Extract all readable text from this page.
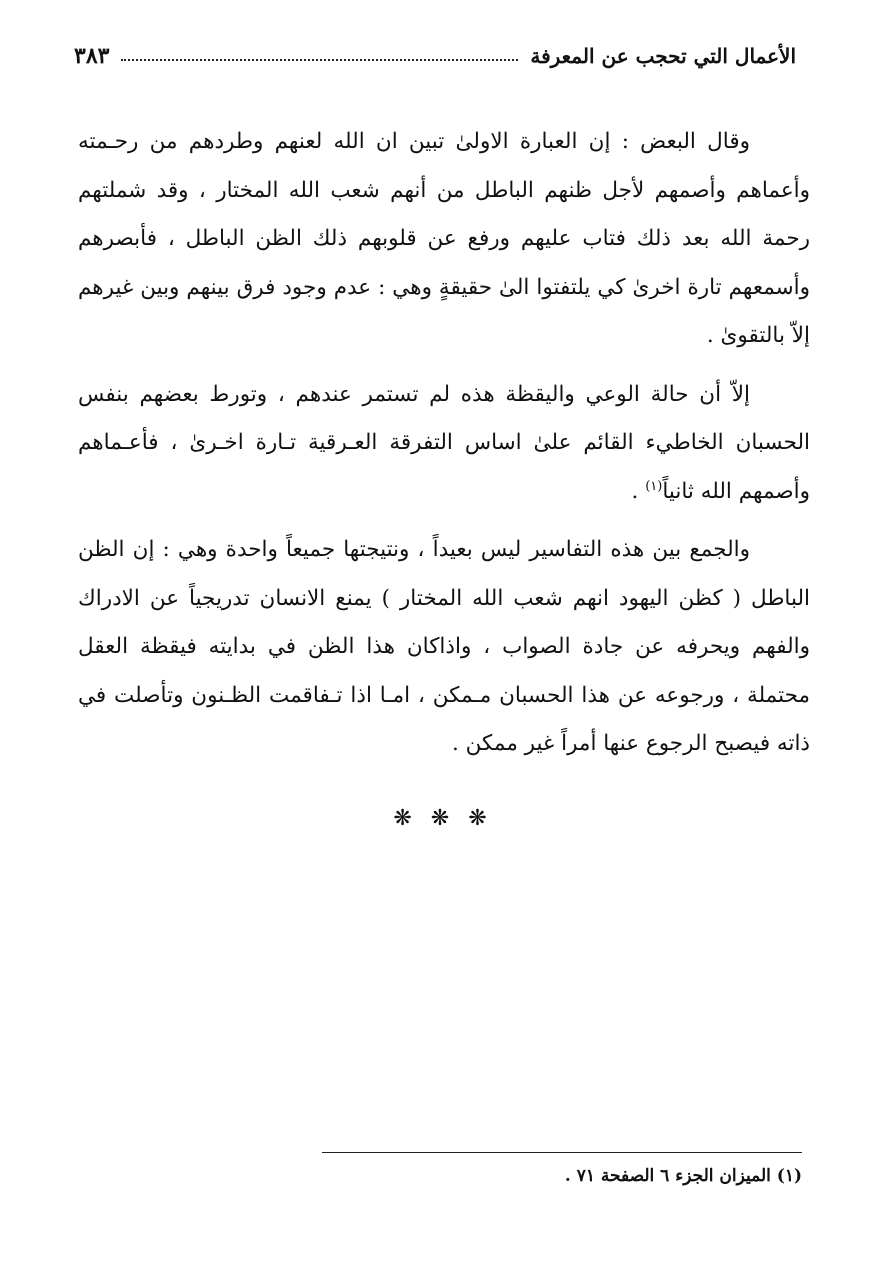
الأعمال التي تحجب عن المعرفة
٣٨٣

وقال البعض : إن العبارة الاولىٰ تبين ان الله لعنهم وطردهم من رحـمته وأعماهم وأصمهم لأجل ظنهم الباطل من أنهم شعب الله المختار ، وقد شملتهم رحمة الله بعد ذلك فتاب عليهم ورفع عن قلوبهم ذلك الظن الباطل ، فأبصرهم وأسمعهم تارة اخرىٰ كي يلتفتوا الىٰ حقيقةٍ وهي : عدم وجود فرق بينهم وبين غيرهم إلاّ بالتقوىٰ .

إلاّ أن حالة الوعي واليقظة هذه لم تستمر عندهم ، وتورط بعضهم بنفس الحسبان الخاطيء القائم علىٰ اساس التفرقة العـرقية تـارة اخـرىٰ ، فأعـماهم وأصمهم الله ثانياً$^{(١)}$ .

والجمع بين هذه التفاسير ليس بعيداً ، ونتيجتها جميعاً واحدة وهي : إن الظن الباطل ( كظن اليهود انهم شعب الله المختار ) يمنع الانسان تدريجياً عن الادراك والفهم ويحرفه عن جادة الصواب ، واذاكان هذا الظن في بدايته فيقظة العقل محتملة ، ورجوعه عن هذا الحسبان مـمكن ، امـا اذا تـفاقمت الظـنون وتأصلت في ذاته فيصبح الرجوع عنها أمراً غير ممكن .

❋ ❋ ❋
(١) الميزان الجزء ٦ الصفحة ٧١ .
